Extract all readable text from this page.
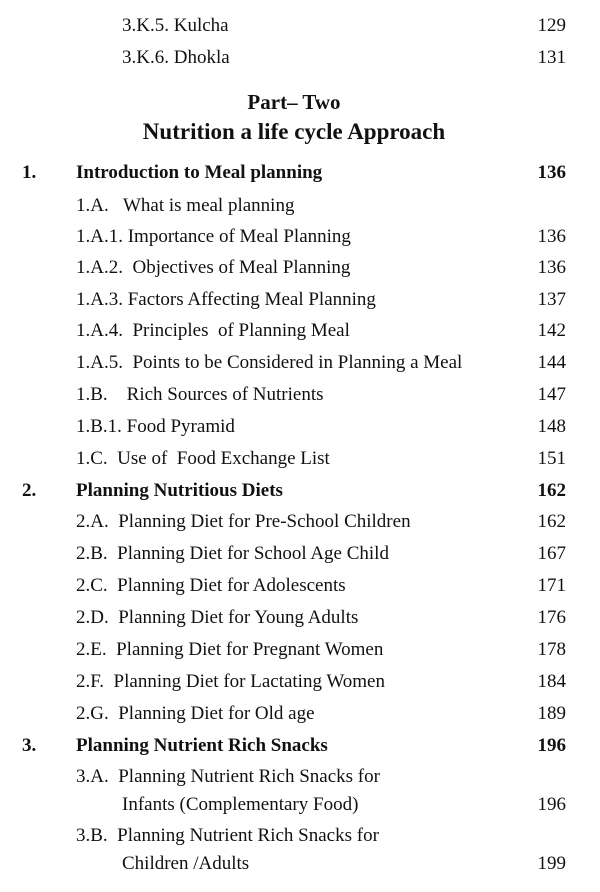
3.K.5. Kulcha	129
3.K.6. Dhokla	131
Part– Two
Nutrition a life cycle Approach
1. Introduction to Meal planning	136
1.A.   What is meal planning
1.A.1. Importance of Meal Planning	136
1.A.2.  Objectives of Meal Planning	136
1.A.3. Factors Affecting Meal Planning	137
1.A.4.  Principles  of Planning Meal	142
1.A.5.  Points to be Considered in Planning a Meal	144
1.B.    Rich Sources of Nutrients	147
1.B.1. Food Pyramid	148
1.C.  Use of  Food Exchange List	151
2. Planning Nutritious Diets	162
2.A.  Planning Diet for Pre-School Children	162
2.B.  Planning Diet for School Age Child	167
2.C.  Planning Diet for Adolescents	171
2.D.  Planning Diet for Young Adults	176
2.E.  Planning Diet for Pregnant Women	178
2.F.  Planning Diet for Lactating Women	184
2.G.  Planning Diet for Old age	189
3. Planning Nutrient Rich Snacks	196
3.A.  Planning Nutrient Rich Snacks for
Infants (Complementary Food)	196
3.B.  Planning Nutrient Rich Snacks for
Children /Adults	199
